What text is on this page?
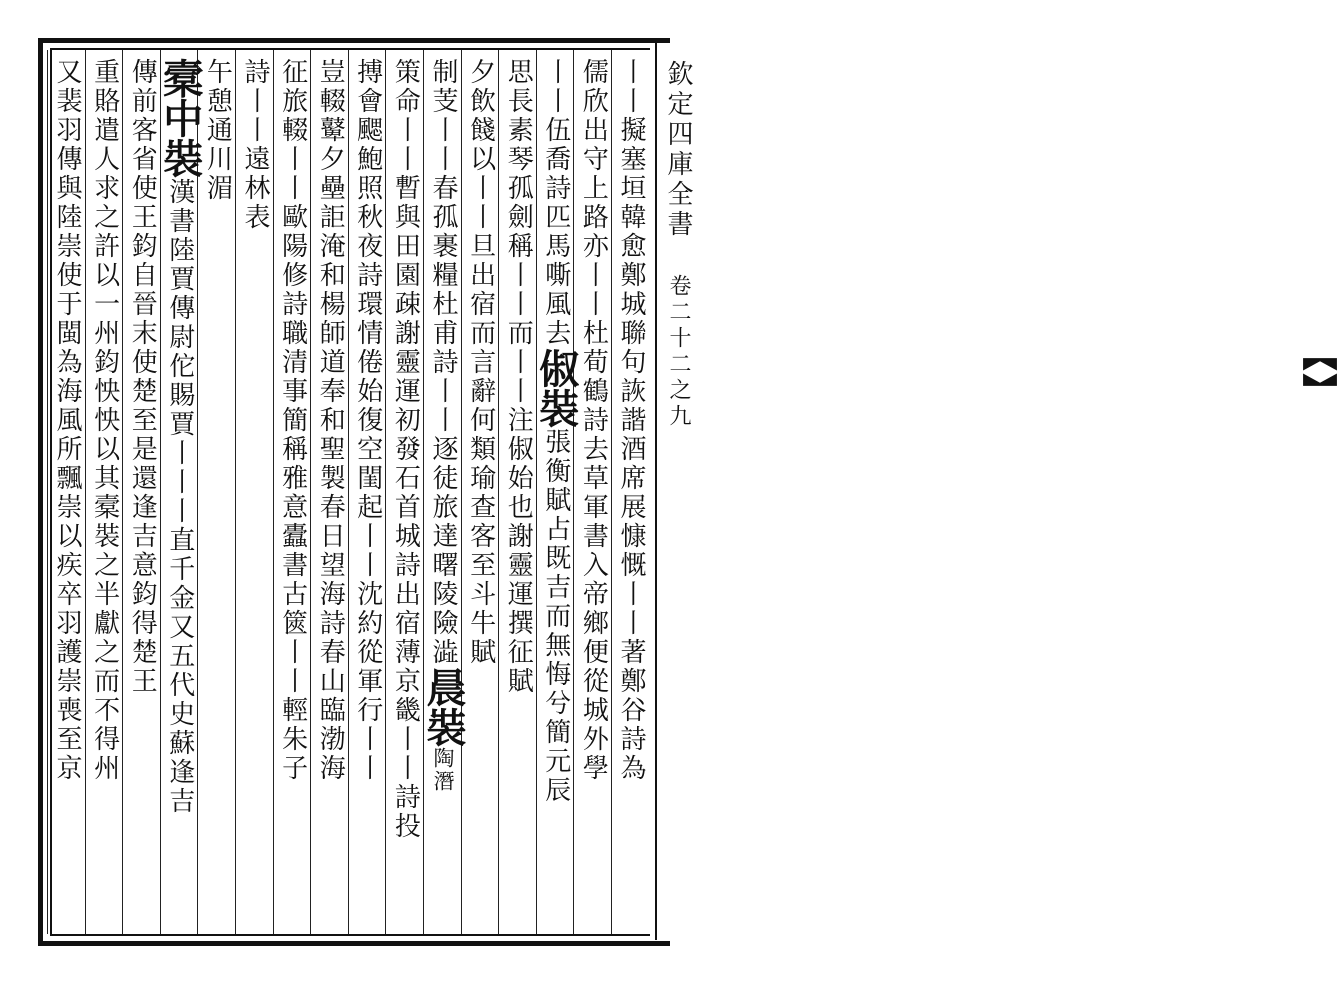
欽定四庫全書
卷二十二之九
丨丨擬塞垣韓愈鄭城聯句詼諧酒席展慷慨丨丨著鄭谷詩為
儒欣出守上路亦丨丨杜荀鶴詩去草軍書入帝鄉便從城外學
丨丨伍喬詩匹馬嘶風去俶裝張衡賦占既吉而無悔兮簡元辰
思長素琴孤劍稱丨丨而丨丨注俶始也謝靈運撰征賦
夕飲餞以丨丨旦出宿而言辭何類瑜查客至斗牛賦
制芰丨丨春孤裹糧杜甫詩丨丨逐徒旅達曙陵險澁晨裝陶潛
策命丨丨暫與田園疎謝靈運初發石首城詩出宿薄京畿丨丨詩投
搏會颸鮑照秋夜詩環情倦始復空閨起丨丨沈約從軍行丨丨
豈輟鼙夕壘詎淹和楊師道奉和聖製春日望海詩春山臨渤海
征旅輟丨丨歐陽修詩職清事簡稱雅意蠹書古篋丨丨輕朱子
詩丨丨遠林表
午憩通川湄
槖中裝漢書陸賈傳尉佗賜賈丨丨丨直千金又五代史蘇逢吉
傳前客省使王鈞自晉末使楚至是還逢吉意鈞得楚王
重賂遣人求之許以一州鈞怏怏以其槖裝之半獻之而不得州
又裴羽傳與陸崇使于閩為海風所飄崇以疾卒羽護崇喪至京
